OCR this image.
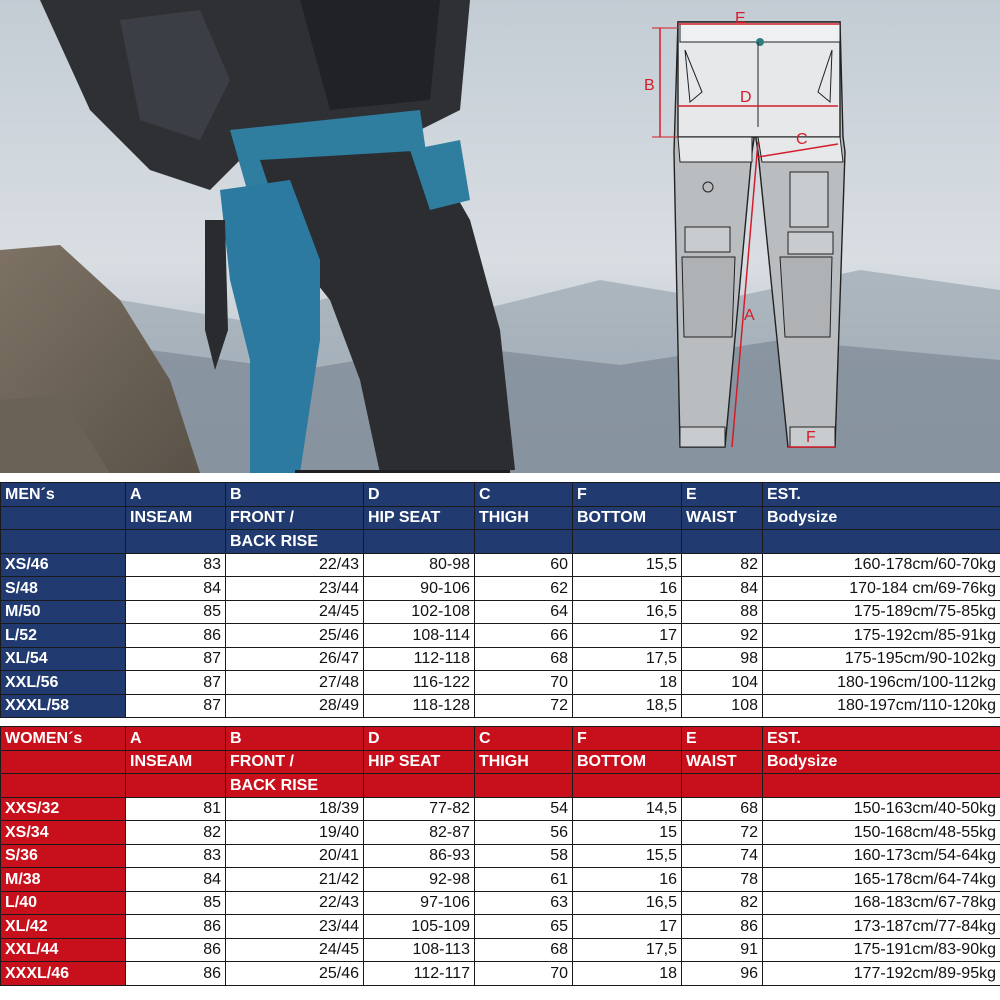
E
B
D
C
A
F
MEN´s	A	B	D	C	F	E	EST.
	INSEAM	FRONT /	HIP SEAT	THIGH	BOTTOM	WAIST	Bodysize
		BACK RISE					
XS/46	83	22/43	80-98	60	15,5	82	160-178cm/60-70kg
S/48	84	23/44	90-106	62	16	84	170-184 cm/69-76kg
M/50	85	24/45	102-108	64	16,5	88	175-189cm/75-85kg
L/52	86	25/46	108-114	66	17	92	175-192cm/85-91kg
XL/54	87	26/47	112-118	68	17,5	98	175-195cm/90-102kg
XXL/56	87	27/48	116-122	70	18	104	180-196cm/100-112kg
XXXL/58	87	28/49	118-128	72	18,5	108	180-197cm/110-120kg
WOMEN´s	A	B	D	C	F	E	EST.
	INSEAM	FRONT /	HIP SEAT	THIGH	BOTTOM	WAIST	Bodysize
		BACK RISE					
XXS/32	81	18/39	77-82	54	14,5	68	150-163cm/40-50kg
XS/34	82	19/40	82-87	56	15	72	150-168cm/48-55kg
S/36	83	20/41	86-93	58	15,5	74	160-173cm/54-64kg
M/38	84	21/42	92-98	61	16	78	165-178cm/64-74kg
L/40	85	22/43	97-106	63	16,5	82	168-183cm/67-78kg
XL/42	86	23/44	105-109	65	17	86	173-187cm/77-84kg
XXL/44	86	24/45	108-113	68	17,5	91	175-191cm/83-90kg
XXXL/46	86	25/46	112-117	70	18	96	177-192cm/89-95kg
